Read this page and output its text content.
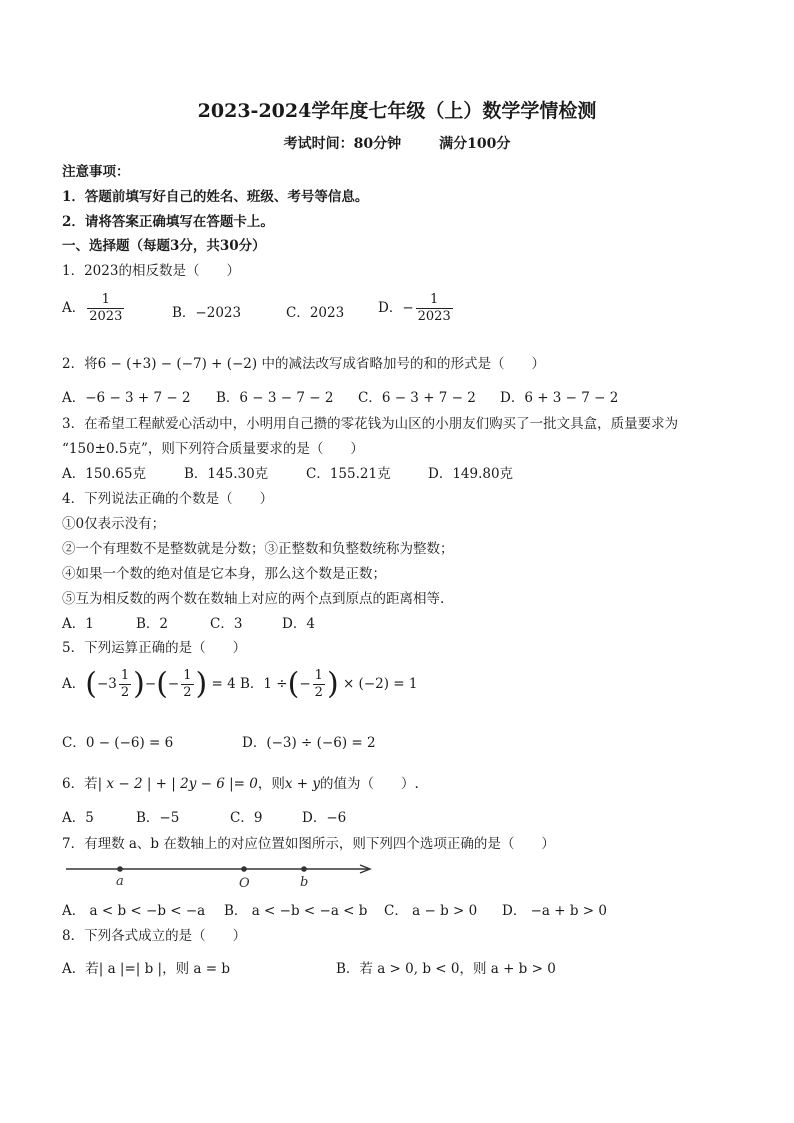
2023-2024学年度七年级（上）数学学情检测
考试时间：80分钟	满分100分
注意事项：
1．答题前填写好自己的姓名、班级、考号等信息。
2．请将答案正确填写在答题卡上。
一、选择题（每题3分，共30分）
1．2023的相反数是（　　）
A． $\frac{1}{2023}$	B．−2023	C．2023	D．− $\frac{1}{2023}$
2．将6 − (+3) − (−7) + (−2) 中的减法改写成省略加号的和的形式是（　　）
A．−6 − 3 + 7 − 2 B．6 − 3 − 7 − 2 C．6 − 3 + 7 − 2 D．6 + 3 − 7 − 2
3．在希望工程献爱心活动中，小明用自己攒的零花钱为山区的小朋友们购买了一批文具盒，质量要求为
“150±0.5克”，则下列符合质量要求的是（　　）
A．150.65克	B．145.30克	C．155.21克	D．149.80克
4．下列说法正确的个数是（　　）
①0仅表示没有；
②一个有理数不是整数就是分数；③正整数和负整数统称为整数；
④如果一个数的绝对值是它本身，那么这个数是正数；
⑤互为相反数的两个数在数轴上对应的两个点到原点的距离相等.
A．1	B．2	C．3	D．4
5．下列运算正确的是（　　）
A．($-3 \frac{1}{2}$ )−(− $\frac{1}{2}$ ) = 4 B．1 ÷(− $\frac{1}{2}$ ) × (−2) = 1
C．0 − (−6) = 6	D．(−3) ÷ (−6) = 2
6．若| x − 2 | + | 2y − 6 |= 0，则x + y的值为（　　）.
A．5	B．−5	C．9	D．−6
7．有理数 a、b 在数轴上的对应位置如图所示，则下列四个选项正确的是（　　）
a	O	b
A． a < b < −b < −a B． a < −b < −a < b C． a − b > 0 D． −a + b > 0
8．下列各式成立的是（　　）
A．若| a |=| b |，则 a = b	B．若 a > 0, b < 0，则 a + b > 0
